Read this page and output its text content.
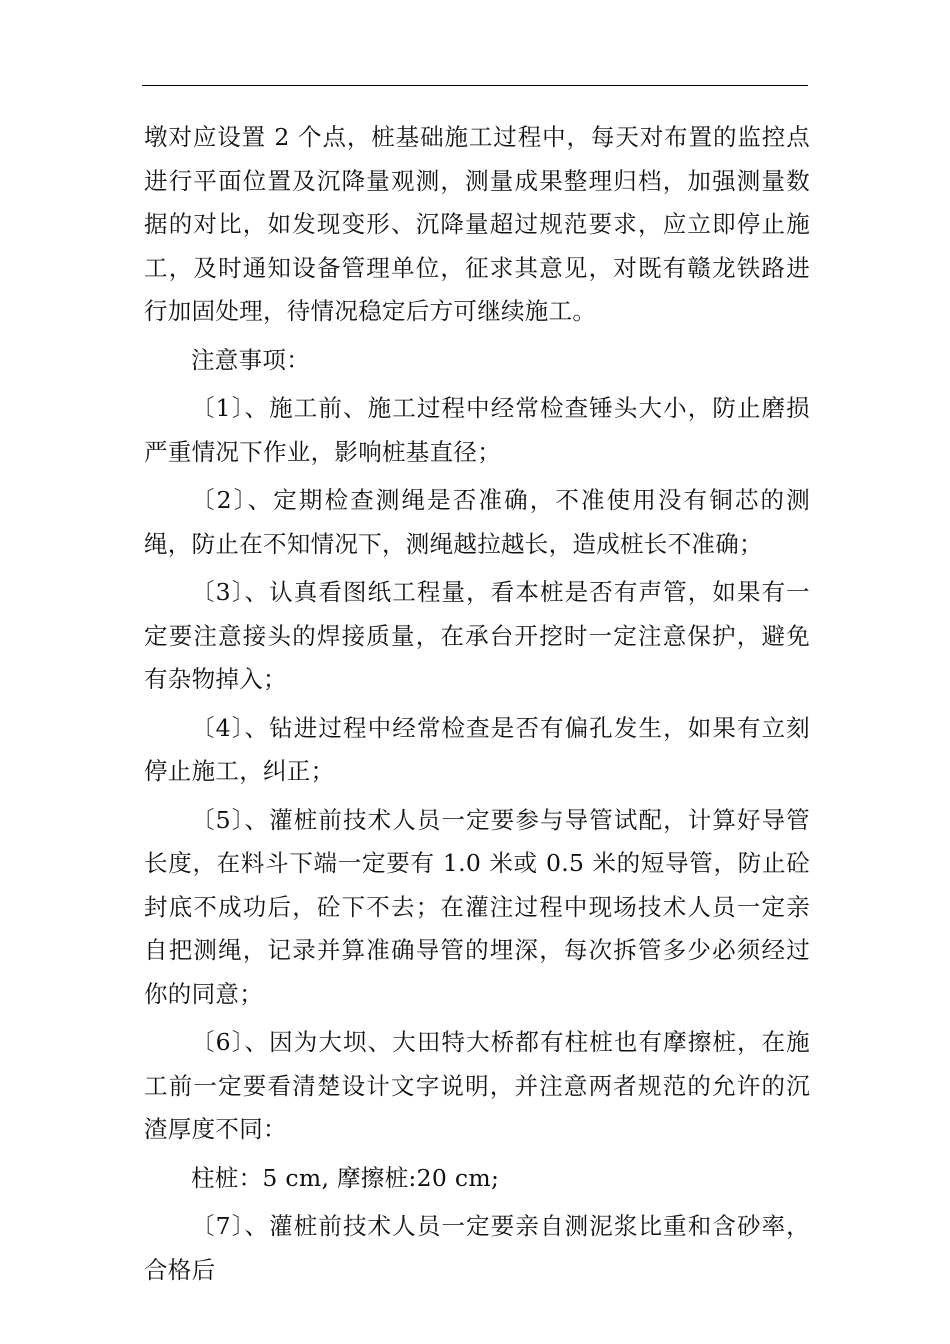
墩对应设置 2 个点，桩基础施工过程中，每天对布置的监控点进行平面位置及沉降量观测，测量成果整理归档，加强测量数据的对比，如发现变形、沉降量超过规范要求，应立即停止施工，及时通知设备管理单位，征求其意见，对既有赣龙铁路进行加固处理，待情况稳定后方可继续施工。

注意事项：

〔1〕、施工前、施工过程中经常检查锤头大小，防止磨损严重情况下作业，影响桩基直径；

〔2〕、定期检查测绳是否准确，不准使用没有铜芯的测绳，防止在不知情况下，测绳越拉越长，造成桩长不准确；

〔3〕、认真看图纸工程量，看本桩是否有声管，如果有一定要注意接头的焊接质量，在承台开挖时一定注意保护，避免有杂物掉入；

〔4〕、钻进过程中经常检查是否有偏孔发生，如果有立刻停止施工，纠正；

〔5〕、灌桩前技术人员一定要参与导管试配，计算好导管长度，在料斗下端一定要有 1.0 米或 0.5 米的短导管，防止砼封底不成功后，砼下不去；在灌注过程中现场技术人员一定亲自把测绳，记录并算准确导管的埋深，每次拆管多少必须经过你的同意；

〔6〕、因为大坝、大田特大桥都有柱桩也有摩擦桩，在施工前一定要看清楚设计文字说明，并注意两者规范的允许的沉渣厚度不同：

柱桩：5 cm, 摩擦桩:20 cm;

〔7〕、灌桩前技术人员一定要亲自测泥浆比重和含砂率，合格后
